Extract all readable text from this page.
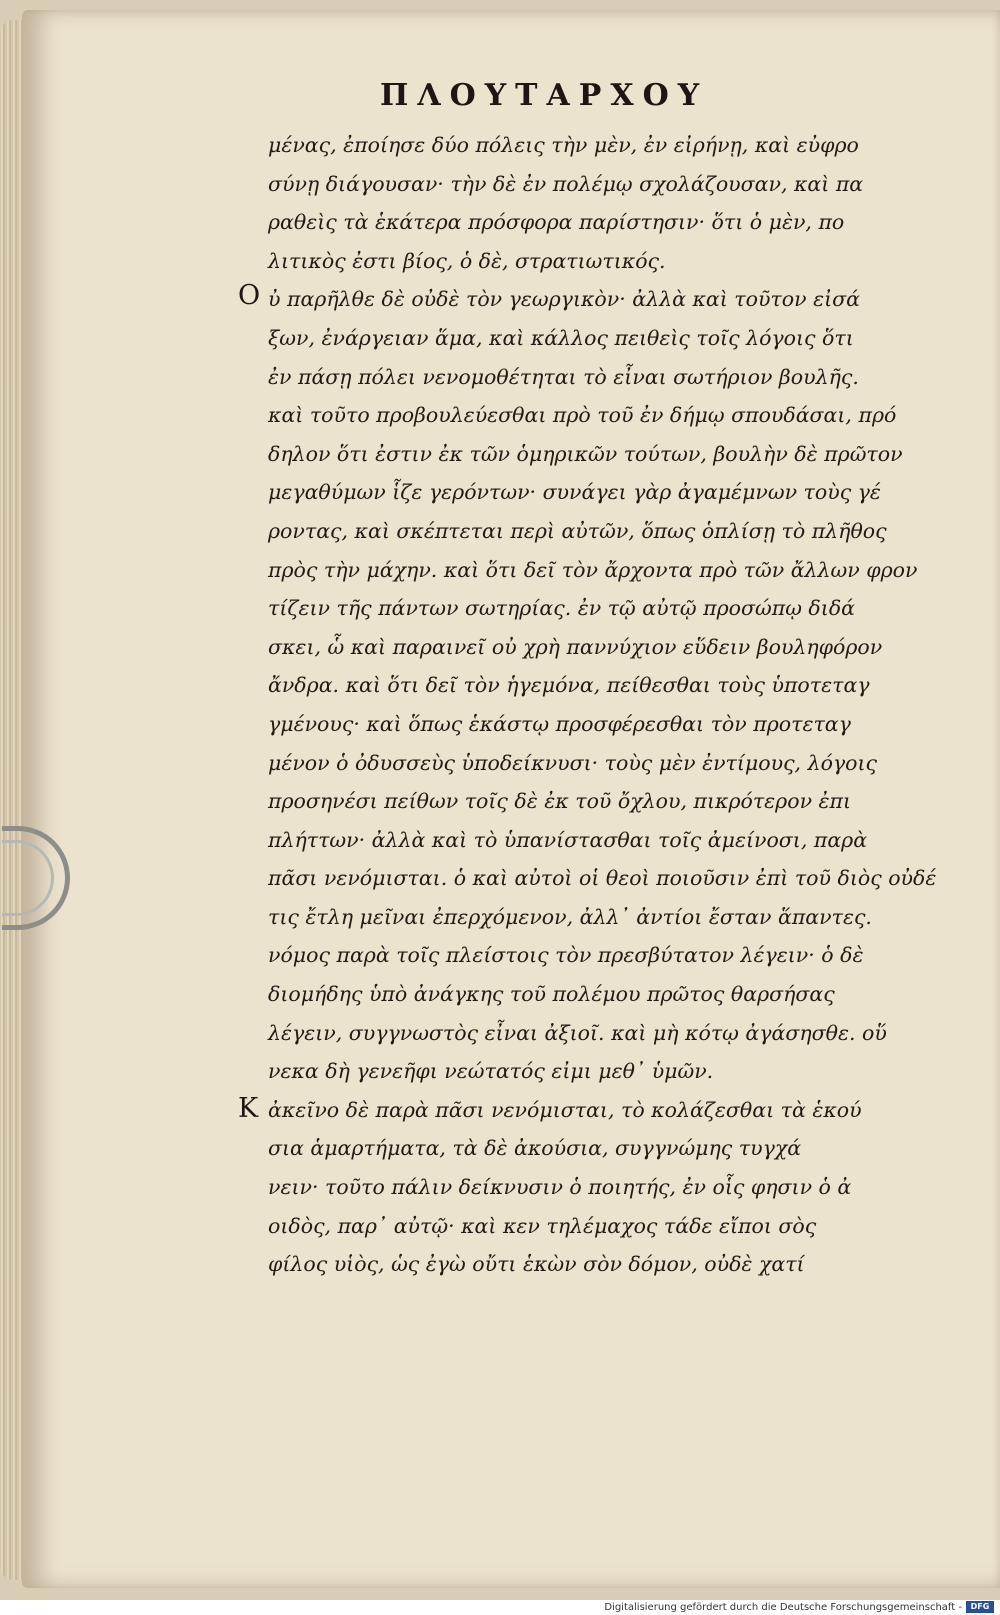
ΠΛΟΥΤΑΡΧΟΥ
O
K
μένας, ἐποίησε δύο πόλεις τὴν μὲν, ἐν εἰρήνῃ, καὶ εὐφρο
σύνῃ διάγουσαν· τὴν δὲ ἐν πολέμῳ σχολάζουσαν, καὶ πα
ραθεὶς τὰ ἑκάτερα πρόσφορα παρίστησιν· ὅτι ὁ μὲν, πο
λιτικὸς ἐστι βίος, ὁ δὲ, στρατιωτικός.
ὐ παρῆλθε δὲ οὐδὲ τὸν γεωργικὸν· ἀλλὰ καὶ τοῦτον εἰσά
ξων, ἐνάργειαν ἅμα, καὶ κάλλος πειθεὶς τοῖς λόγοις ὅτι
ἐν πάσῃ πόλει νενομοθέτηται τὸ εἶναι σωτήριον βουλῆς.
καὶ τοῦτο προβουλεύεσθαι πρὸ τοῦ ἐν δήμῳ σπουδάσαι, πρό
δηλον ὅτι ἐστιν ἐκ τῶν ὁμηρικῶν τούτων, βουλὴν δὲ πρῶτον
μεγαθύμων ἷζε γερόντων· συνάγει γὰρ ἀγαμέμνων τοὺς γέ
ροντας, καὶ σκέπτεται περὶ αὐτῶν, ὅπως ὁπλίσῃ τὸ πλῆθος
πρὸς τὴν μάχην. καὶ ὅτι δεῖ τὸν ἄρχοντα πρὸ τῶν ἄλλων φρον
τίζειν τῆς πάντων σωτηρίας. ἐν τῷ αὐτῷ προσώπῳ διδά
σκει, ὧ καὶ παραινεῖ οὐ χρὴ παννύχιον εὕδειν βουληφόρον
ἄνδρα. καὶ ὅτι δεῖ τὸν ἡγεμόνα, πείθεσθαι τοὺς ὑποτεταγ
γμένους· καὶ ὅπως ἑκάστῳ προσφέρεσθαι τὸν προτεταγ
μένον ὁ ὀδυσσεὺς ὑποδείκνυσι· τοὺς μὲν ἐντίμους, λόγοις
προσηνέσι πείθων τοῖς δὲ ἐκ τοῦ ὄχλου, πικρότερον ἐπι
πλήττων· ἀλλὰ καὶ τὸ ὑπανίστασθαι τοῖς ἀμείνοσι, παρὰ
πᾶσι νενόμισται. ὁ καὶ αὐτοὶ οἱ θεοὶ ποιοῦσιν ἐπὶ τοῦ διὸς οὐδέ
τις ἔτλη μεῖναι ἐπερχόμενον, ἀλλ᾽ ἀντίοι ἔσταν ἅπαντες.
νόμος παρὰ τοῖς πλείστοις τὸν πρεσβύτατον λέγειν· ὁ δὲ
διομήδης ὑπὸ ἀνάγκης τοῦ πολέμου πρῶτος θαρσήσας
λέγειν, συγγνωστὸς εἶναι ἀξιοῖ. καὶ μὴ κότῳ ἀγάσησθε. οὕ
νεκα δὴ γενεῆφι νεώτατός εἰμι μεθ᾽ ὑμῶν.
ἀκεῖνο δὲ παρὰ πᾶσι νενόμισται, τὸ κολάζεσθαι τὰ ἑκού
σια ἁμαρτήματα, τὰ δὲ ἀκούσια, συγγνώμης τυγχά
νειν· τοῦτο πάλιν δείκνυσιν ὁ ποιητής, ἐν οἷς φησιν ὁ ἀ
οιδὸς, παρ᾽ αὐτῷ· καὶ κεν τηλέμαχος τάδε εἴποι σὸς
φίλος υἱὸς, ὡς ἐγὼ οὔτι ἑκὼν σὸν δόμον, οὐδὲ χατί
Digitalisierung gefördert durch die Deutsche Forschungsgemeinschaft -	DFG
